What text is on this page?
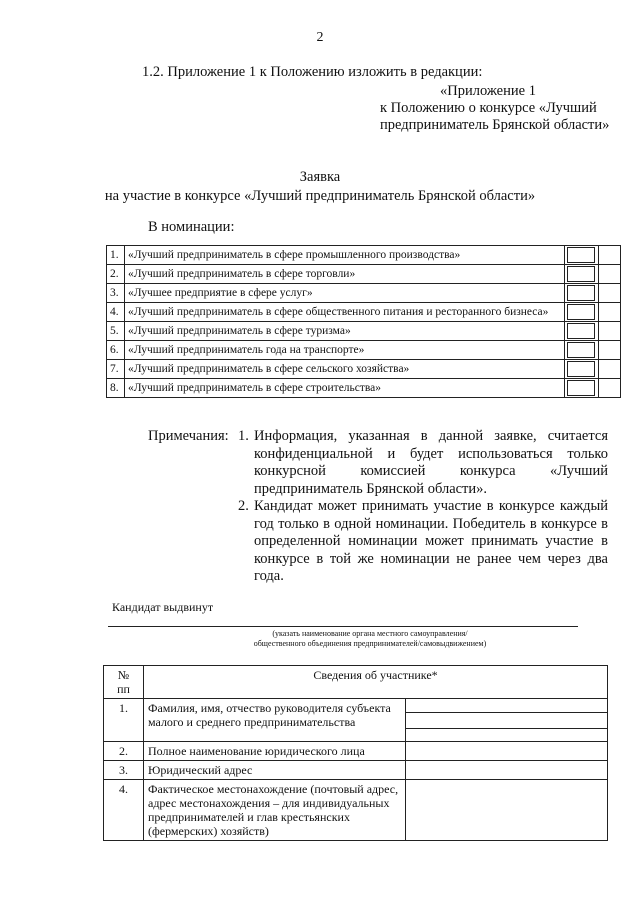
2
1.2. Приложение 1 к Положению изложить в редакции:
«Приложение 1
к Положению о конкурсе «Лучший предприниматель Брянской области»
Заявка
на участие в конкурсе «Лучший предприниматель Брянской области»
В номинации:
1.	«Лучший предприниматель в сфере промышленного производства»	

2.	«Лучший предприниматель в сфере торговли»	

3.	«Лучшее предприятие в сфере услуг»	

4.	«Лучший предприниматель в сфере общественного питания и ресторанного бизнеса»	

5.	«Лучший предприниматель в сфере туризма»	

6.	«Лучший предприниматель года на транспорте»	

7.	«Лучший предприниматель в сфере сельского хозяйства»	

8.	«Лучший предприниматель в сфере строительства»	

Примечания: 1. Информация, указанная в данной заявке, считается конфиденциальной и будет использоваться только конкурсной комиссией конкурса «Лучший предприниматель Брянской области».
2. Кандидат может принимать участие в конкурсе каждый год только в одной номинации. Победитель в конкурсе в определенной номинации может принимать участие в конкурсе в той же номинации не ранее чем через два года.
Кандидат выдвинут
(указать наименование органа местного самоуправления/
общественного объединения предпринимателей/самовыдвижением)
№
пп	Сведения об участнике*	
1.	Фамилия, имя, отчество руководителя субъекта малого и среднего предпринимательства	

2.	Полное наименование юридического лица	
3.	Юридический адрес	
4.	Фактическое местонахождение (почтовый адрес, адрес местонахождения – для индивидуальных предпринимателей и глав крестьянских (фермерских) хозяйств)	
